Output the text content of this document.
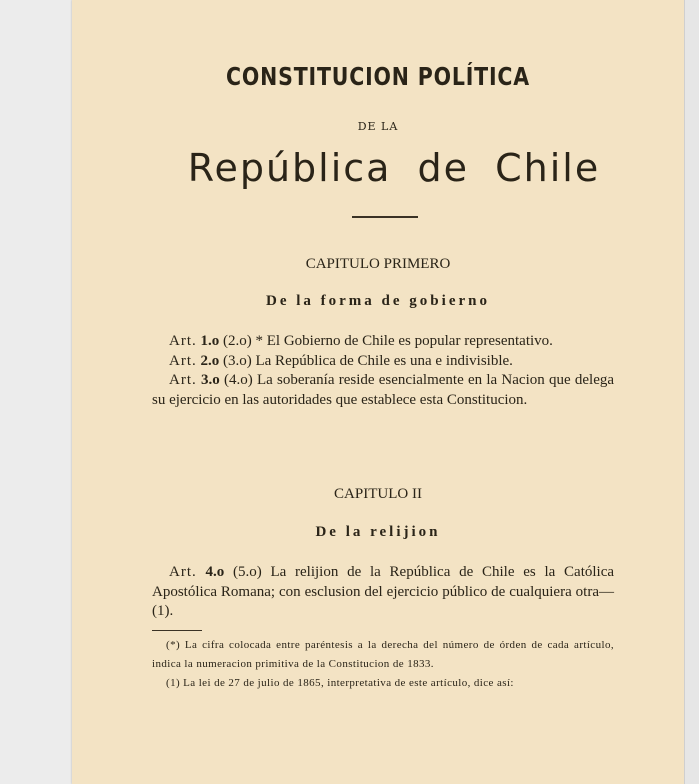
CONSTITUCION POLÍTICA
DE LA
República de Chile
CAPITULO PRIMERO
De la forma de gobierno

Art. 1.o (2.o) * El Gobierno de Chile es popular representativo.

Art. 2.o (3.o) La República de Chile es una e indivisible.

Art. 3.o (4.o) La soberanía reside esencialmente en la Nacion que delega su ejercicio en las autoridades que establece esta Constitucion.

CAPITULO II
De la relijion

Art. 4.o (5.o) La relijion de la República de Chile es la Católica Apostólica Romana; con esclusion del ejercicio público de cualquiera otra—(1).

(*) La cifra colocada entre paréntesis a la derecha del número de órden de cada artículo, indica la numeracion primitiva de la Constitucion de 1833.

(1) La lei de 27 de julio de 1865, interpretativa de este artículo, dice así:
